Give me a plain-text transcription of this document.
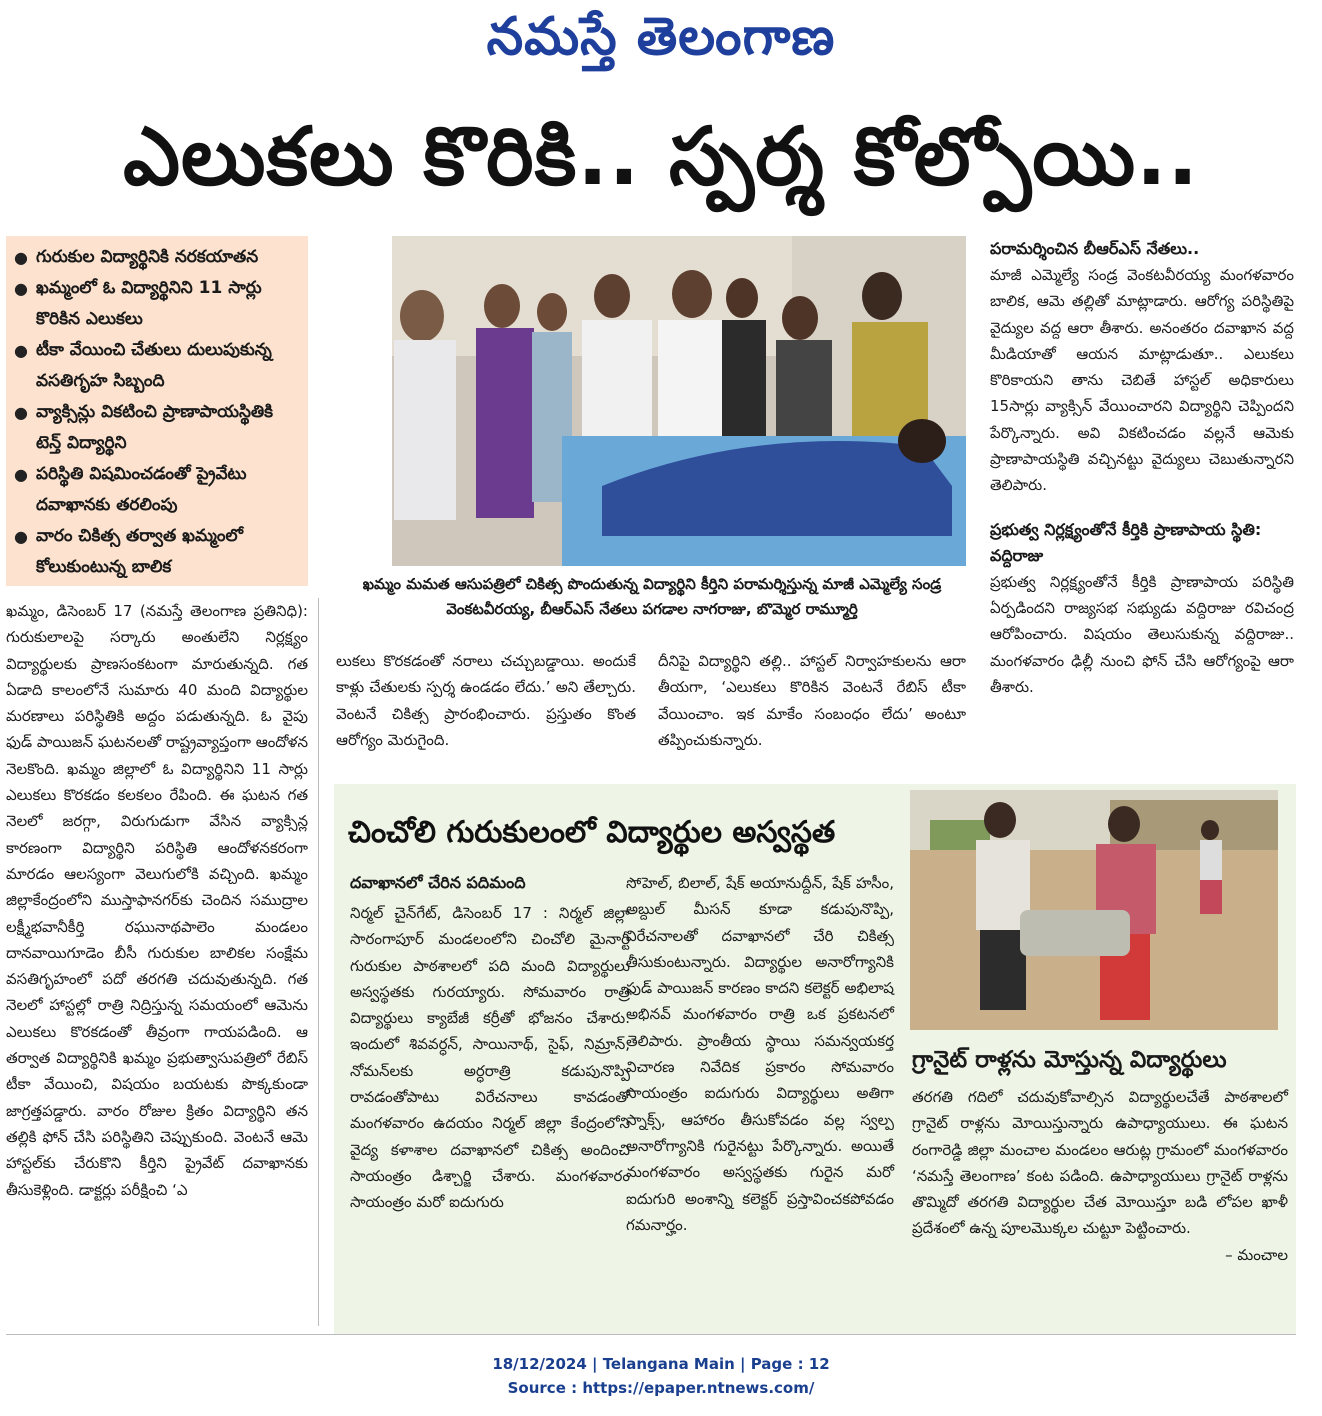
నమస్తే తెలంగాణ
ఎలుకలు కొరికి.. స్పర్శ కోల్పోయి..
● గురుకుల విద్యార్థినికి నరకయాతన
● ఖమ్మంలో ఓ విద్యార్థినిని 11 సార్లు కొరికిన ఎలుకలు
● టీకా వేయించి చేతులు దులుపుకున్న వసతిగృహ సిబ్బంది
● వ్యాక్సిన్లు వికటించి ప్రాణాపాయస్థితికి టెన్త్ విద్యార్థిని
● పరిస్థితి విషమించడంతో ప్రైవేటు దవాఖానకు తరలింపు
● వారం చికిత్స తర్వాత ఖమ్మంలో కోలుకుంటున్న బాలిక
ఖమ్మం మమత ఆసుపత్రిలో చికిత్స పొందుతున్న విద్యార్థిని కీర్తిని పరామర్శిస్తున్న మాజీ ఎమ్మెల్యే సండ్ర వెంకటవీరయ్య, బీఆర్ఎస్ నేతలు పగడాల నాగరాజు, బొమ్మెర రామ్మూర్తి

ఖమ్మం, డిసెంబర్ 17 (నమస్తే తెలంగాణ ప్రతినిధి): గురుకులాలపై సర్కారు అంతులేని నిర్లక్ష్యం విద్యార్థులకు ప్రాణసంకటంగా మారుతున్నది. గత ఏడాది కాలంలోనే సుమారు 40 మంది విద్యార్థుల మరణాలు పరిస్థితికి అద్దం పడుతున్నది. ఓ వైపు ఫుడ్ పాయిజన్ ఘటనలతో రాష్ట్రవ్యాప్తంగా ఆందోళన నెలకొంది. ఖమ్మం జిల్లాలో ఓ విద్యార్థినిని 11 సార్లు ఎలుకలు కొరకడం కలకలం రేపింది. ఈ ఘటన గత నెలలో జరగ్గా, విరుగుడుగా వేసిన వ్యాక్సిన్ల కారణంగా విద్యార్థిని పరిస్థితి ఆందోళనకరంగా మారడం ఆలస్యంగా వెలుగులోకి వచ్చింది. ఖమ్మం జిల్లాకేంద్రంలోని ముస్తాఫానగర్‌కు చెందిన సముద్రాల లక్ష్మీభవానీకీర్తి రఘునాథపాలెం మండలం దానవాయిగూడెం బీసీ గురుకుల బాలికల సంక్షేమ వసతిగృహంలో పదో తరగతి చదువుతున్నది. గత నెలలో హాస్టల్లో రాత్రి నిద్రిస్తున్న సమయంలో ఆమెను ఎలుకలు కొరకడంతో తీవ్రంగా గాయపడింది. ఆ తర్వాత విద్యార్థినికి ఖమ్మం ప్రభుత్వాసుపత్రిలో రేబిస్ టీకా వేయించి, విషయం బయటకు పొక్కకుండా జాగ్రత్తపడ్డారు. వారం రోజుల క్రితం విద్యార్థిని తన తల్లికి ఫోన్ చేసి పరిస్థితిని చెప్పుకుంది. వెంటనే ఆమె హాస్టల్‌కు చేరుకొని కీర్తిని ప్రైవేట్ దవాఖానకు తీసుకెళ్లింది. డాక్టర్లు పరీక్షించి ‘ఎ

లుకలు కొరకడంతో నరాలు చచ్చుబడ్డాయి. అందుకే కాళ్లు చేతులకు స్పర్శ ఉండడం లేదు.’ అని తేల్చారు. వెంటనే చికిత్స ప్రారంభించారు. ప్రస్తుతం కొంత ఆరోగ్యం మెరుగైంది.

దీనిపై విద్యార్థిని తల్లి.. హాస్టల్ నిర్వాహకులను ఆరా తీయగా, ‘ఎలుకలు కొరికిన వెంటనే రేబిస్ టీకా వేయించాం. ఇక మాకేం సంబంధం లేదు’ అంటూ తప్పించుకున్నారు.

పరామర్శించిన బీఆర్ఎస్ నేతలు..
మాజీ ఎమ్మెల్యే సండ్ర వెంకటవీరయ్య మంగళవారం బాలిక, ఆమె తల్లితో మాట్లాడారు. ఆరోగ్య పరిస్థితిపై వైద్యుల వద్ద ఆరా తీశారు. అనంతరం దవాఖాన వద్ద మీడియాతో ఆయన మాట్లాడుతూ.. ఎలుకలు కొరికాయని తాను చెబితే హాస్టల్ అధికారులు 15సార్లు వ్యాక్సిన్ వేయించారని విద్యార్థిని చెప్పిందని పేర్కొన్నారు. అవి వికటించడం వల్లనే ఆమెకు ప్రాణాపాయస్థితి వచ్చినట్టు వైద్యులు చెబుతున్నారని తెలిపారు.
ప్రభుత్వ నిర్లక్ష్యంతోనే కీర్తికి ప్రాణాపాయ స్థితి: వద్దిరాజు
ప్రభుత్వ నిర్లక్ష్యంతోనే కీర్తికి ప్రాణాపాయ పరిస్థితి ఏర్పడిందని రాజ్యసభ సభ్యుడు వద్దిరాజు రవిచంద్ర ఆరోపించారు. విషయం తెలుసుకున్న వద్దిరాజు.. మంగళవారం ఢిల్లీ నుంచి ఫోన్ చేసి ఆరోగ్యంపై ఆరా తీశారు.
చించోలి గురుకులంలో విద్యార్థుల అస్వస్థత
దవాఖానలో చేరిన పదిమంది

నిర్మల్ చైన్‌గేట్, డిసెంబర్ 17 : నిర్మల్ జిల్లా సారంగాపూర్ మండలంలోని చించోలి మైనార్టీ గురుకుల పాఠశాలలో పది మంది విద్యార్థులు అస్వస్థతకు గురయ్యారు. సోమవారం రాత్రి విద్యార్థులు క్యాబేజీ కర్రీతో భోజనం చేశారు. ఇందులో శివవర్ధన్, సాయినాథ్, సైఫ్, నిమ్రాన్, నోమన్‌లకు అర్ధరాత్రి కడుపునొప్పి రావడంతోపాటు విరేచనాలు కావడంతో మంగళవారం ఉదయం నిర్మల్ జిల్లా కేంద్రంలోని వైద్య కళాశాల దవాఖానలో చికిత్స అందించి సాయంత్రం డిశ్చార్జి చేశారు. మంగళవారం సాయంత్రం మరో ఐదుగురు

సోహెల్, బిలాల్, షేక్ అయానుద్దీన్, షేక్ హసీం, అబ్దుల్ మీసన్ కూడా కడుపునొప్పి, విరేచనాలతో దవాఖానలో చేరి చికిత్స తీసుకుంటున్నారు. విద్యార్థుల అనారోగ్యానికి ఫుడ్ పాయిజన్ కారణం కాదని కలెక్టర్ అభిలాష అభినవ్ మంగళవారం రాత్రి ఒక ప్రకటనలో తెలిపారు. ప్రాంతీయ స్థాయి సమన్వయకర్త విచారణ నివేదిక ప్రకారం సోమవారం సాయంత్రం ఐదుగురు విద్యార్థులు అతిగా స్నాక్స్, ఆహారం తీసుకోవడం వల్ల స్వల్ప అనారోగ్యానికి గురైనట్టు పేర్కొన్నారు. అయితే మంగళవారం అస్వస్థతకు గురైన మరో ఐదుగురి అంశాన్ని కలెక్టర్ ప్రస్తావించకపోవడం గమనార్హం.

గ్రానైట్ రాళ్లను మోస్తున్న విద్యార్థులు
తరగతి గదిలో చదువుకోవాల్సిన విద్యార్థులచేతే పాఠశాలలో గ్రానైట్ రాళ్లను మోయిస్తున్నారు ఉపాధ్యాయులు. ఈ ఘటన రంగారెడ్డి జిల్లా మంచాల మండలం ఆరుట్ల గ్రామంలో మంగళవారం ‘నమస్తే తెలంగాణ’ కంట పడింది. ఉపాధ్యాయులు గ్రానైట్ రాళ్లను తొమ్మిదో తరగతి విద్యార్థుల చేత మోయిస్తూ బడి లోపల ఖాళీ ప్రదేశంలో ఉన్న పూలమొక్కల చుట్టూ పెట్టించారు.
– మంచాల
18/12/2024 | Telangana Main | Page : 12
Source : https://epaper.ntnews.com/
